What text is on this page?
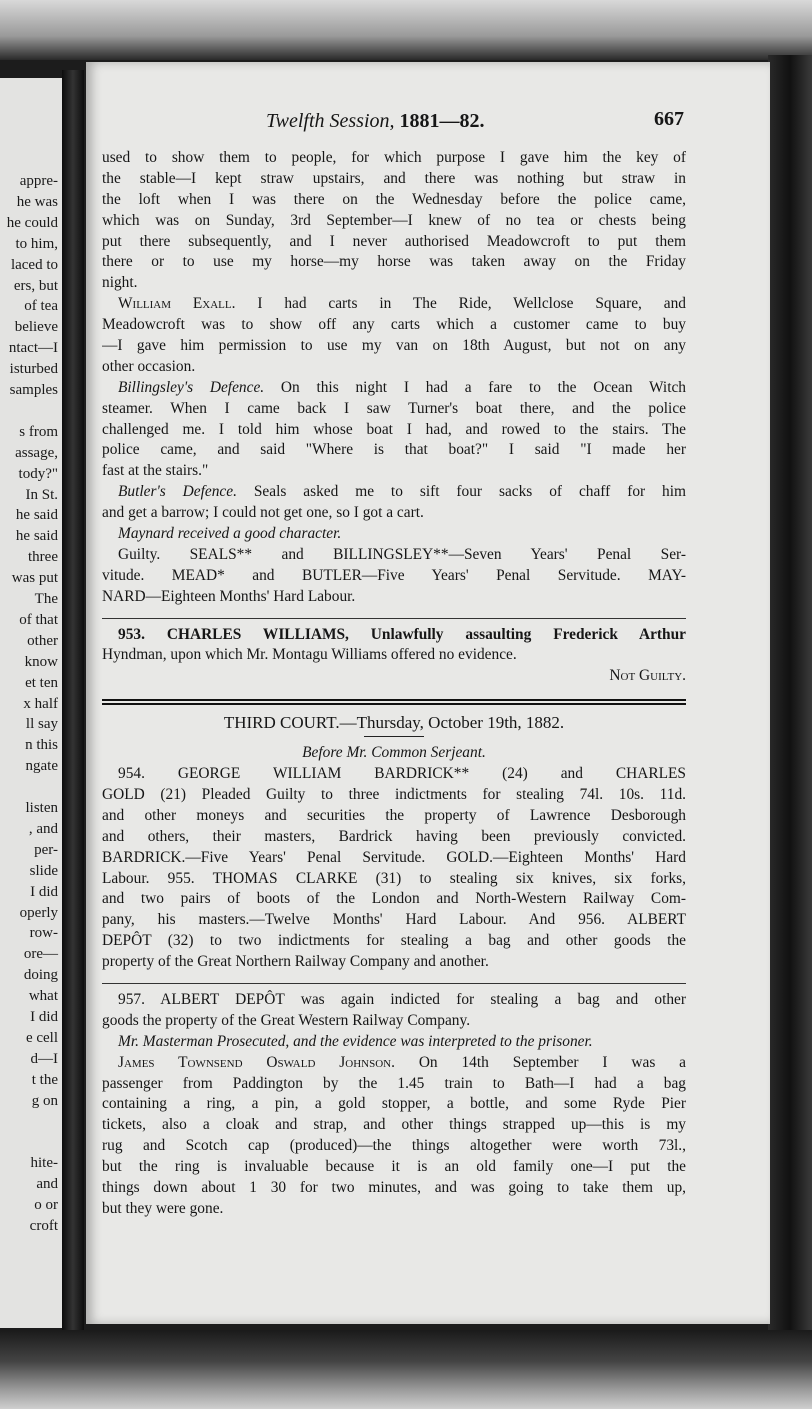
appre-
he was
he could
to him,
laced to
ers, but
of tea
believe
ntact—I
isturbed
samples
s from
assage,
tody?"
In St.
he said
he said
three
was put
The
of that
other
know
et ten
x half
ll say
n this
ngate
listen
, and
per-
slide
I did
operly
row-
ore—
doing
what
I did
e cell
d—I
t the
g on
hite-
and
o or
croft
Twelfth Session, 1881—82.	667
used to show them to people, for which purpose I gave him the key of
the stable—I kept straw upstairs, and there was nothing but straw in
the loft when I was there on the Wednesday before the police came,
which was on Sunday, 3rd September—I knew of no tea or chests being
put there subsequently, and I never authorised Meadowcroft to put them
there or to use my horse—my horse was taken away on the Friday
night.
William Exall. I had carts in The Ride, Wellclose Square, and
Meadowcroft was to show off any carts which a customer came to buy
—I gave him permission to use my van on 18th August, but not on any
other occasion.
Billingsley's Defence. On this night I had a fare to the Ocean Witch
steamer. When I came back I saw Turner's boat there, and the police
challenged me. I told him whose boat I had, and rowed to the stairs. The
police came, and said "Where is that boat?" I said "I made her
fast at the stairs."
Butler's Defence. Seals asked me to sift four sacks of chaff for him
and get a barrow; I could not get one, so I got a cart.
Maynard received a good character.
Guilty. SEALS** and BILLINGSLEY**—Seven Years' Penal Ser-
vitude. MEAD* and BUTLER—Five Years' Penal Servitude. MAY-
NARD—Eighteen Months' Hard Labour.
953. CHARLES WILLIAMS, Unlawfully assaulting Frederick Arthur
Hyndman, upon which Mr. Montagu Williams offered no evidence.
Not Guilty.
THIRD COURT.—Thursday, October 19th, 1882.
Before Mr. Common Serjeant.
954. GEORGE WILLIAM BARDRICK** (24) and CHARLES
GOLD (21) Pleaded Guilty to three indictments for stealing 74l. 10s. 11d.
and other moneys and securities the property of Lawrence Desborough
and others, their masters, Bardrick having been previously convicted.
BARDRICK.—Five Years' Penal Servitude. GOLD.—Eighteen Months' Hard
Labour. 955. THOMAS CLARKE (31) to stealing six knives, six forks,
and two pairs of boots of the London and North-Western Railway Com-
pany, his masters.—Twelve Months' Hard Labour. And 956. ALBERT
DEPÔT (32) to two indictments for stealing a bag and other goods the
property of the Great Northern Railway Company and another.
957. ALBERT DEPÔT was again indicted for stealing a bag and other
goods the property of the Great Western Railway Company.
Mr. Masterman Prosecuted, and the evidence was interpreted to the prisoner.
James Townsend Oswald Johnson. On 14th September I was a
passenger from Paddington by the 1.45 train to Bath—I had a bag
containing a ring, a pin, a gold stopper, a bottle, and some Ryde Pier
tickets, also a cloak and strap, and other things strapped up—this is my
rug and Scotch cap (produced)—the things altogether were worth 73l.,
but the ring is invaluable because it is an old family one—I put the
things down about 1 30 for two minutes, and was going to take them up,
but they were gone.
